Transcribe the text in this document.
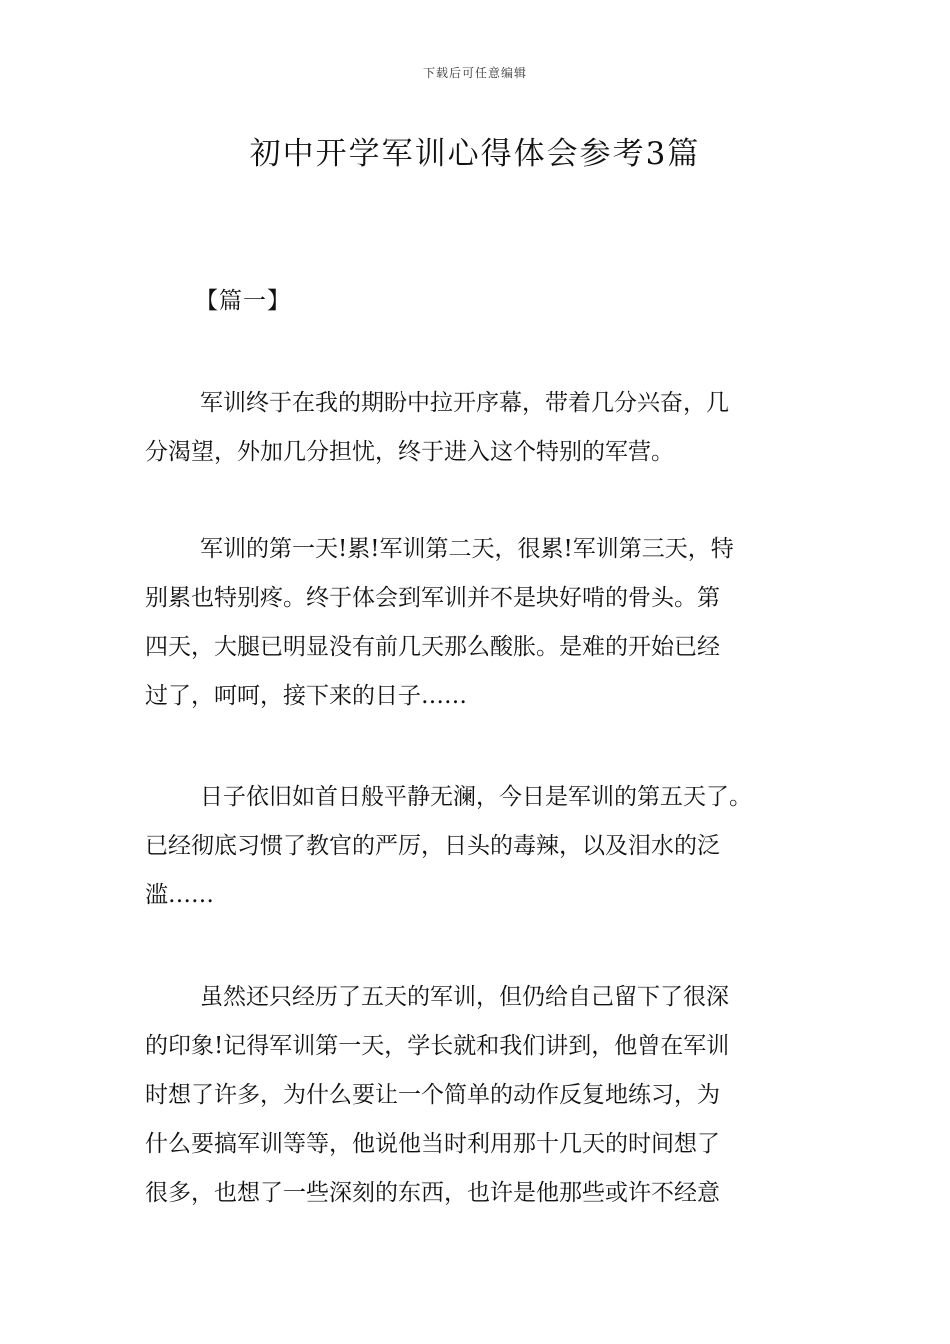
下载后可任意编辑
初中开学军训心得体会参考3篇
【篇一】
军训终于在我的期盼中拉开序幕，带着几分兴奋，几
分渴望，外加几分担忧，终于进入这个特别的军营。
军训的第一天!累!军训第二天，很累!军训第三天，特
别累也特别疼。终于体会到军训并不是块好啃的骨头。第
四天，大腿已明显没有前几天那么酸胀。是难的开始已经
过了，呵呵，接下来的日子……
日子依旧如首日般平静无澜，今日是军训的第五天了。
已经彻底习惯了教官的严厉，日头的毒辣，以及泪水的泛
滥……
虽然还只经历了五天的军训，但仍给自己留下了很深
的印象!记得军训第一天，学长就和我们讲到，他曾在军训
时想了许多，为什么要让一个简单的动作反复地练习，为
什么要搞军训等等，他说他当时利用那十几天的时间想了
很多，也想了一些深刻的东西，也许是他那些或许不经意
